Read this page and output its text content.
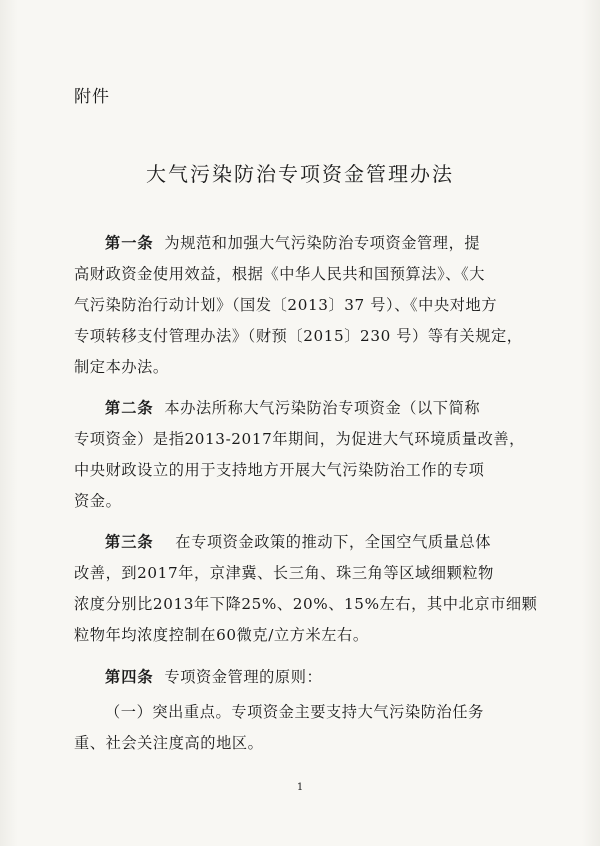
附件
大气污染防治专项资金管理办法

第一条 为规范和加强大气污染防治专项资金管理，提
高财政资金使用效益，根据《中华人民共和国预算法》、《大
气污染防治行动计划》（国发〔2013〕37 号）、《中央对地方
专项转移支付管理办法》（财预〔2015〕230 号）等有关规定，
制定本办法。

第二条 本办法所称大气污染防治专项资金（以下简称
专项资金）是指2013-2017年期间，为促进大气环境质量改善，
中央财政设立的用于支持地方开展大气污染防治工作的专项
资金。

第三条 在专项资金政策的推动下，全国空气质量总体
改善，到2017年，京津冀、长三角、珠三角等区域细颗粒物
浓度分别比2013年下降25%、20%、15%左右，其中北京市细颗
粒物年均浓度控制在60微克/立方米左右。

第四条 专项资金管理的原则：

（一）突出重点。专项资金主要支持大气污染防治任务
重、社会关注度高的地区。

1
